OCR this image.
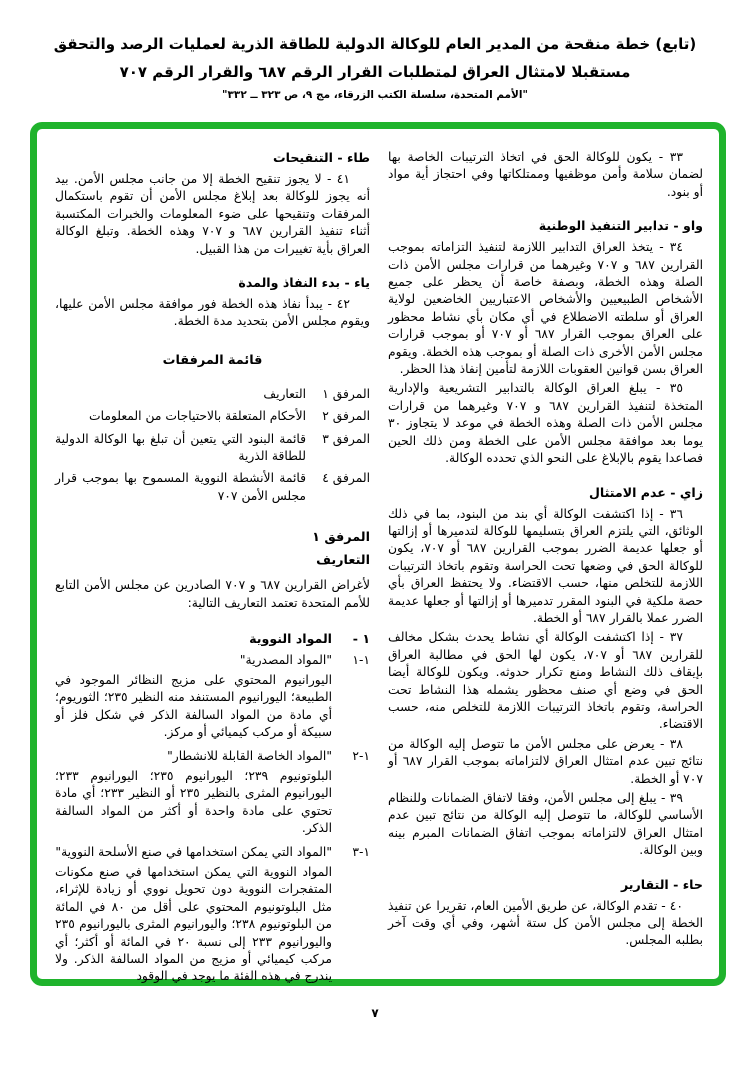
(تابع) خطة منقحة من المدير العام للوكالة الدولية للطاقة الذرية لعمليات الرصد والتحقق
مستقبلا لامتثال العراق لمتطلبات القرار الرقم ٦٨٧ والقرار الرقم ٧٠٧
"الأمم المتحدة، سلسلة الكتب الزرقاء، مج ٩، ص ٣٢٣ ــ ٣٣٢"

٣٣ - يكون للوكالة الحق في اتخاذ الترتيبات الخاصة بها لضمان سلامة وأمن موظفيها وممتلكاتها وفي احتجاز أية مواد أو بنود.

واو - تدابير التنفيذ الوطنية

٣٤ - يتخذ العراق التدابير اللازمة لتنفيذ التزاماته بموجب القرارين ٦٨٧ و ٧٠٧ وغيرهما من قرارات مجلس الأمن ذات الصلة وهذه الخطة، وبصفة خاصة أن يحظر على جميع الأشخاص الطبيعيين والأشخاص الاعتباريين الخاضعين لولاية العراق أو سلطته الاضطلاع في أي مكان بأي نشاط محظور على العراق بموجب القرار ٦٨٧ أو ٧٠٧ أو بموجب قرارات مجلس الأمن الأخرى ذات الصلة أو بموجب هذه الخطة. ويقوم العراق بسن قوانين العقوبات اللازمة لتأمين إنفاذ هذا الحظر.

٣٥ - يبلغ العراق الوكالة بالتدابير التشريعية والإدارية المتخذة لتنفيذ القرارين ٦٨٧ و ٧٠٧ وغيرهما من قرارات مجلس الأمن ذات الصلة وهذه الخطة في موعد لا يتجاوز ٣٠ يوما بعد موافقة مجلس الأمن على الخطة ومن ذلك الحين فصاعدا يقوم بالإبلاغ على النحو الذي تحدده الوكالة.

زاي - عدم الامتثال

٣٦ - إذا اكتشفت الوكالة أي بند من البنود، بما في ذلك الوثائق، التي يلتزم العراق بتسليمها للوكالة لتدميرها أو إزالتها أو جعلها عديمة الضرر بموجب القرارين ٦٨٧ أو ٧٠٧، يكون للوكالة الحق في وضعها تحت الحراسة وتقوم باتخاذ الترتيبات اللازمة للتخلص منها، حسب الاقتضاء. ولا يحتفظ العراق بأي حصة ملكية في البنود المقرر تدميرها أو إزالتها أو جعلها عديمة الضرر عملا بالقرار ٦٨٧ أو الخطة.

٣٧ - إذا اكتشفت الوكالة أي نشاط يحدث بشكل مخالف للقرارين ٦٨٧ أو ٧٠٧، يكون لها الحق في مطالبة العراق بإيقاف ذلك النشاط ومنع تكرار حدوثه. ويكون للوكالة أيضا الحق في وضع أي صنف محظور يشمله هذا النشاط تحت الحراسة، وتقوم باتخاذ الترتيبات اللازمة للتخلص منه، حسب الاقتضاء.

٣٨ - يعرض على مجلس الأمن ما تتوصل إليه الوكالة من نتائج تبين عدم امتثال العراق لالتزاماته بموجب القرار ٦٨٧ أو ٧٠٧ أو الخطة.

٣٩ - يبلغ إلى مجلس الأمن، وفقا لاتفاق الضمانات وللنظام الأساسي للوكالة، ما تتوصل إليه الوكالة من نتائج تبين عدم امتثال العراق لالتزاماته بموجب اتفاق الضمانات المبرم بينه وبين الوكالة.

حاء - التقارير

٤٠ - تقدم الوكالة، عن طريق الأمين العام، تقريرا عن تنفيذ الخطة إلى مجلس الأمن كل ستة أشهر، وفي أي وقت آخر بطلبه المجلس.

طاء - التنقيحات

٤١ - لا يجوز تنقيح الخطة إلا من جانب مجلس الأمن. بيد أنه يجوز للوكالة بعد إبلاغ مجلس الأمن أن تقوم باستكمال المرفقات وتنقيحها على ضوء المعلومات والخبرات المكتسبة أثناء تنفيذ القرارين ٦٨٧ و ٧٠٧ وهذه الخطة. وتبلغ الوكالة العراق بأية تغييرات من هذا القبيل.

ياء - بدء النفاذ والمدة

٤٢ - يبدأ نفاذ هذه الخطة فور موافقة مجلس الأمن عليها، ويقوم مجلس الأمن بتحديد مدة الخطة.

قائمة المرفقات
المرفق ١
التعاريف
المرفق ٢
الأحكام المتعلقة بالاحتياجات من المعلومات
المرفق ٣
قائمة البنود التي يتعين أن تبلغ بها الوكالة الدولية للطاقة الذرية
المرفق ٤
قائمة الأنشطة النووية المسموح بها بموجب قرار مجلس الأمن ٧٠٧
المرفق ١
التعاريف

لأغراض القرارين ٦٨٧ و ٧٠٧ الصادرين عن مجلس الأمن التابع للأمم المتحدة تعتمد التعاريف التالية:

١ -
المواد النووية
١-١
"المواد المصدرية"

اليورانيوم المحتوي على مزيج النظائر الموجود في الطبيعة؛ اليورانيوم المستنفد منه النظير ٢٣٥؛ الثوريوم؛ أي مادة من المواد السالفة الذكر في شكل فلز أو سبيكة أو مركب كيميائي أو مركز.

١-٢
"المواد الخاصة القابلة للانشطار"

البلوتونيوم ٢٣٩؛ اليورانيوم ٢٣٥؛ اليورانيوم ٢٣٣؛ اليورانيوم المثرى بالنظير ٢٣٥ أو النظير ٢٣٣؛ أي مادة تحتوي على مادة واحدة أو أكثر من المواد السالفة الذكر.

١-٣
"المواد التي يمكن استخدامها في صنع الأسلحة النووية"

المواد النووية التي يمكن استخدامها في صنع مكونات المتفجرات النووية دون تحويل نووي أو زيادة للإثراء، مثل البلوتونيوم المحتوي على أقل من ٨٠ في المائة من البلوتونيوم ٢٣٨؛ واليورانيوم المثرى باليورانيوم ٢٣٥ واليورانيوم ٢٣٣ إلى نسبة ٢٠ في المائة أو أكثر؛ أي مركب كيميائي أو مزيج من المواد السالفة الذكر. ولا يندرج في هذه الفئة ما يوجد في الوقود

٧
